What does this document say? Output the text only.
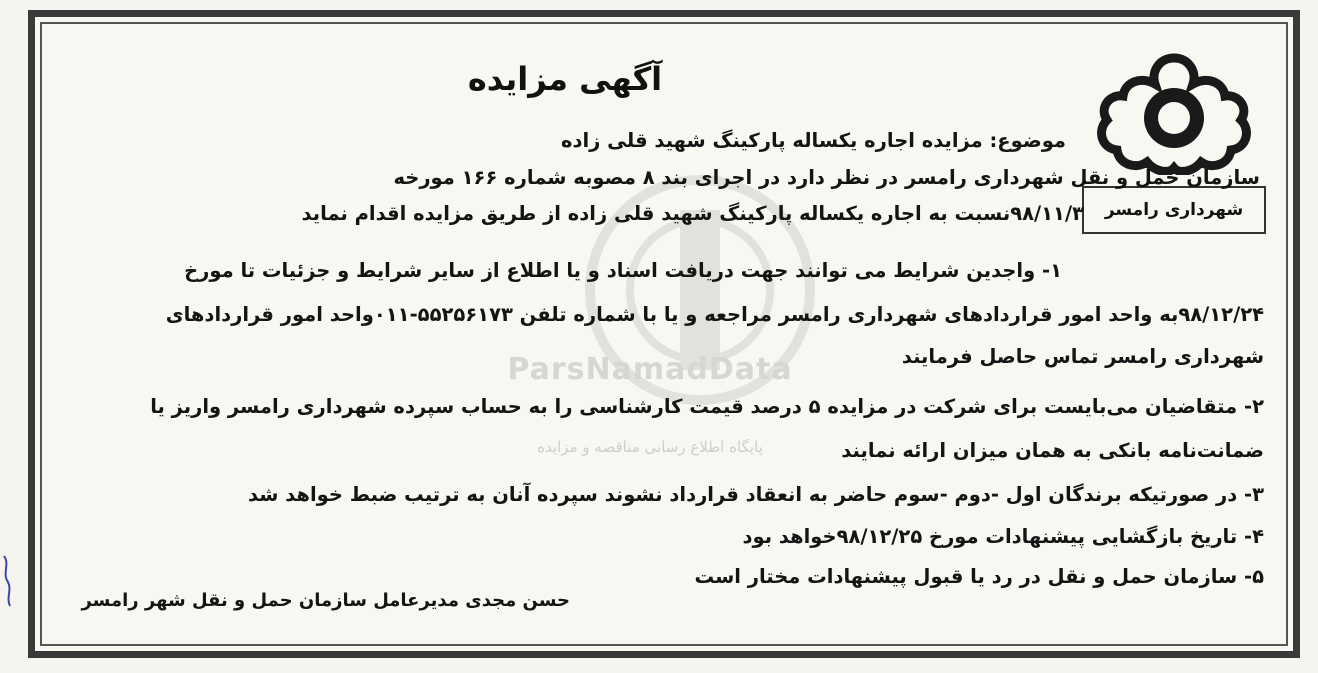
ParsNamadData
پایگاه اطلاع رسانی مناقصه و مزایده
شهرداری رامسر
آگهی مزایده
موضوع: مزایده اجاره یکساله پارکینگ شهید قلی زاده
سازمان حمل و نقل شهرداری رامسر در نظر دارد در اجرای بند ۸ مصوبه شماره ۱۶۶ مورخه
۹۸/۱۱/۳نسبت به اجاره یکساله پارکینگ شهید قلی زاده از طریق مزایده اقدام نماید
۱- واجدین شرایط می توانند جهت دریافت اسناد و یا اطلاع از سایر شرایط و جزئیات تا مورخ
۹۸/۱۲/۲۴به واحد امور قراردادهای شهرداری رامسر مراجعه و یا با شماره تلفن ۵۵۲۵۶۱۷۳-۰۱۱واحد امور قراردادهای
شهرداری رامسر تماس حاصل فرمایند
۲- متقاضیان می‌بایست برای شرکت در مزایده ۵ درصد قیمت کارشناسی را به حساب سپرده شهرداری رامسر واریز یا
ضمانت‌نامه بانکی به همان میزان ارائه نمایند
۳- در صورتیکه برندگان اول -دوم -سوم حاضر به انعقاد قرارداد نشوند سپرده آنان به ترتیب ضبط خواهد شد
۴- تاریخ بازگشایی پیشنهادات مورخ ۹۸/۱۲/۲۵خواهد بود
۵- سازمان حمل و نقل در رد یا قبول پیشنهادات مختار است
حسن مجدی مدیرعامل سازمان حمل و نقل شهر رامسر
